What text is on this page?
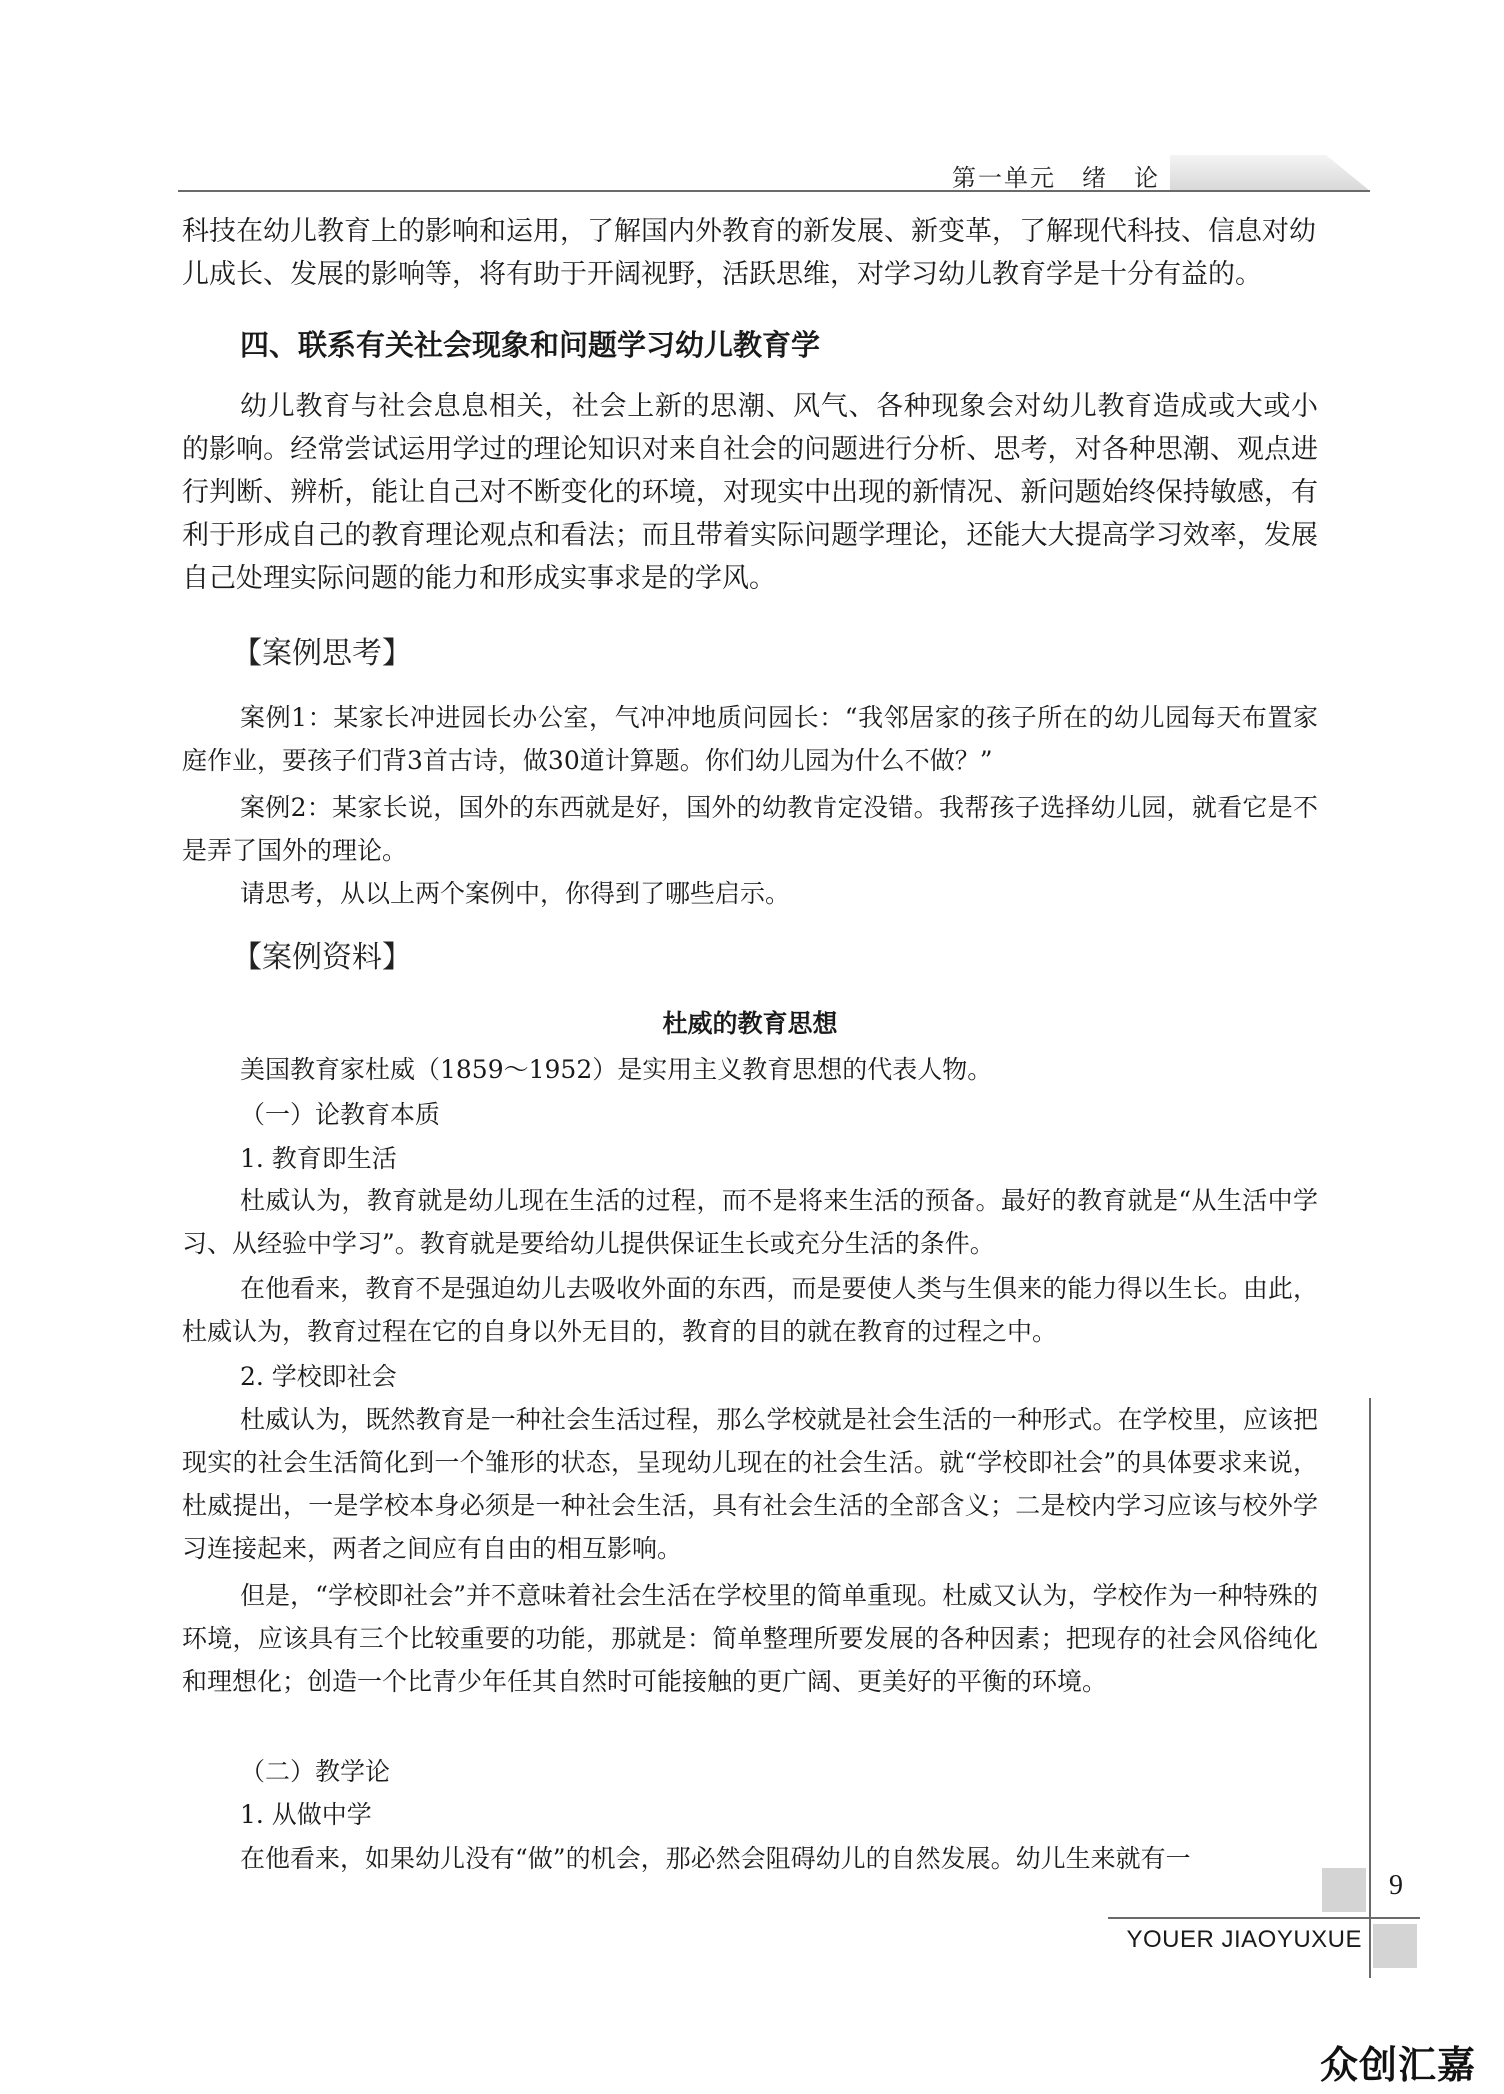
第一单元　绪　论
科技在幼儿教育上的影响和运用，了解国内外教育的新发展、新变革，了解现代科技、信息对幼
儿成长、发展的影响等，将有助于开阔视野，活跃思维，对学习幼儿教育学是十分有益的。
四、联系有关社会现象和问题学习幼儿教育学

幼儿教育与社会息息相关，社会上新的思潮、风气、各种现象会对幼儿教育造成或大或小的影响。经常尝试运用学过的理论知识对来自社会的问题进行分析、思考，对各种思潮、观点进行判断、辨析，能让自己对不断变化的环境，对现实中出现的新情况、新问题始终保持敏感，有利于形成自己的教育理论观点和看法；而且带着实际问题学理论，还能大大提高学习效率，发展自己处理实际问题的能力和形成实事求是的学风。

【案例思考】

案例1：某家长冲进园长办公室，气冲冲地质问园长：“我邻居家的孩子所在的幼儿园每天布置家庭作业，要孩子们背3首古诗，做30道计算题。你们幼儿园为什么不做？”

案例2：某家长说，国外的东西就是好，国外的幼教肯定没错。我帮孩子选择幼儿园，就看它是不是弄了国外的理论。

请思考，从以上两个案例中，你得到了哪些启示。

【案例资料】
杜威的教育思想

美国教育家杜威（1859～1952）是实用主义教育思想的代表人物。

（一）论教育本质

1. 教育即生活

杜威认为，教育就是幼儿现在生活的过程，而不是将来生活的预备。最好的教育就是“从生活中学习、从经验中学习”。教育就是要给幼儿提供保证生长或充分生活的条件。

在他看来，教育不是强迫幼儿去吸收外面的东西，而是要使人类与生俱来的能力得以生长。由此，杜威认为，教育过程在它的自身以外无目的，教育的目的就在教育的过程之中。

2. 学校即社会

杜威认为，既然教育是一种社会生活过程，那么学校就是社会生活的一种形式。在学校里，应该把现实的社会生活简化到一个雏形的状态，呈现幼儿现在的社会生活。就“学校即社会”的具体要求来说，杜威提出，一是学校本身必须是一种社会生活，具有社会生活的全部含义；二是校内学习应该与校外学习连接起来，两者之间应有自由的相互影响。

但是，“学校即社会”并不意味着社会生活在学校里的简单重现。杜威又认为，学校作为一种特殊的环境，应该具有三个比较重要的功能，那就是：简单整理所要发展的各种因素；把现存的社会风俗纯化和理想化；创造一个比青少年任其自然时可能接触的更广阔、更美好的平衡的环境。

（二）教学论

1. 从做中学

在他看来，如果幼儿没有“做”的机会，那必然会阻碍幼儿的自然发展。幼儿生来就有一

9
YOUER JIAOYUXUE
众创汇嘉
